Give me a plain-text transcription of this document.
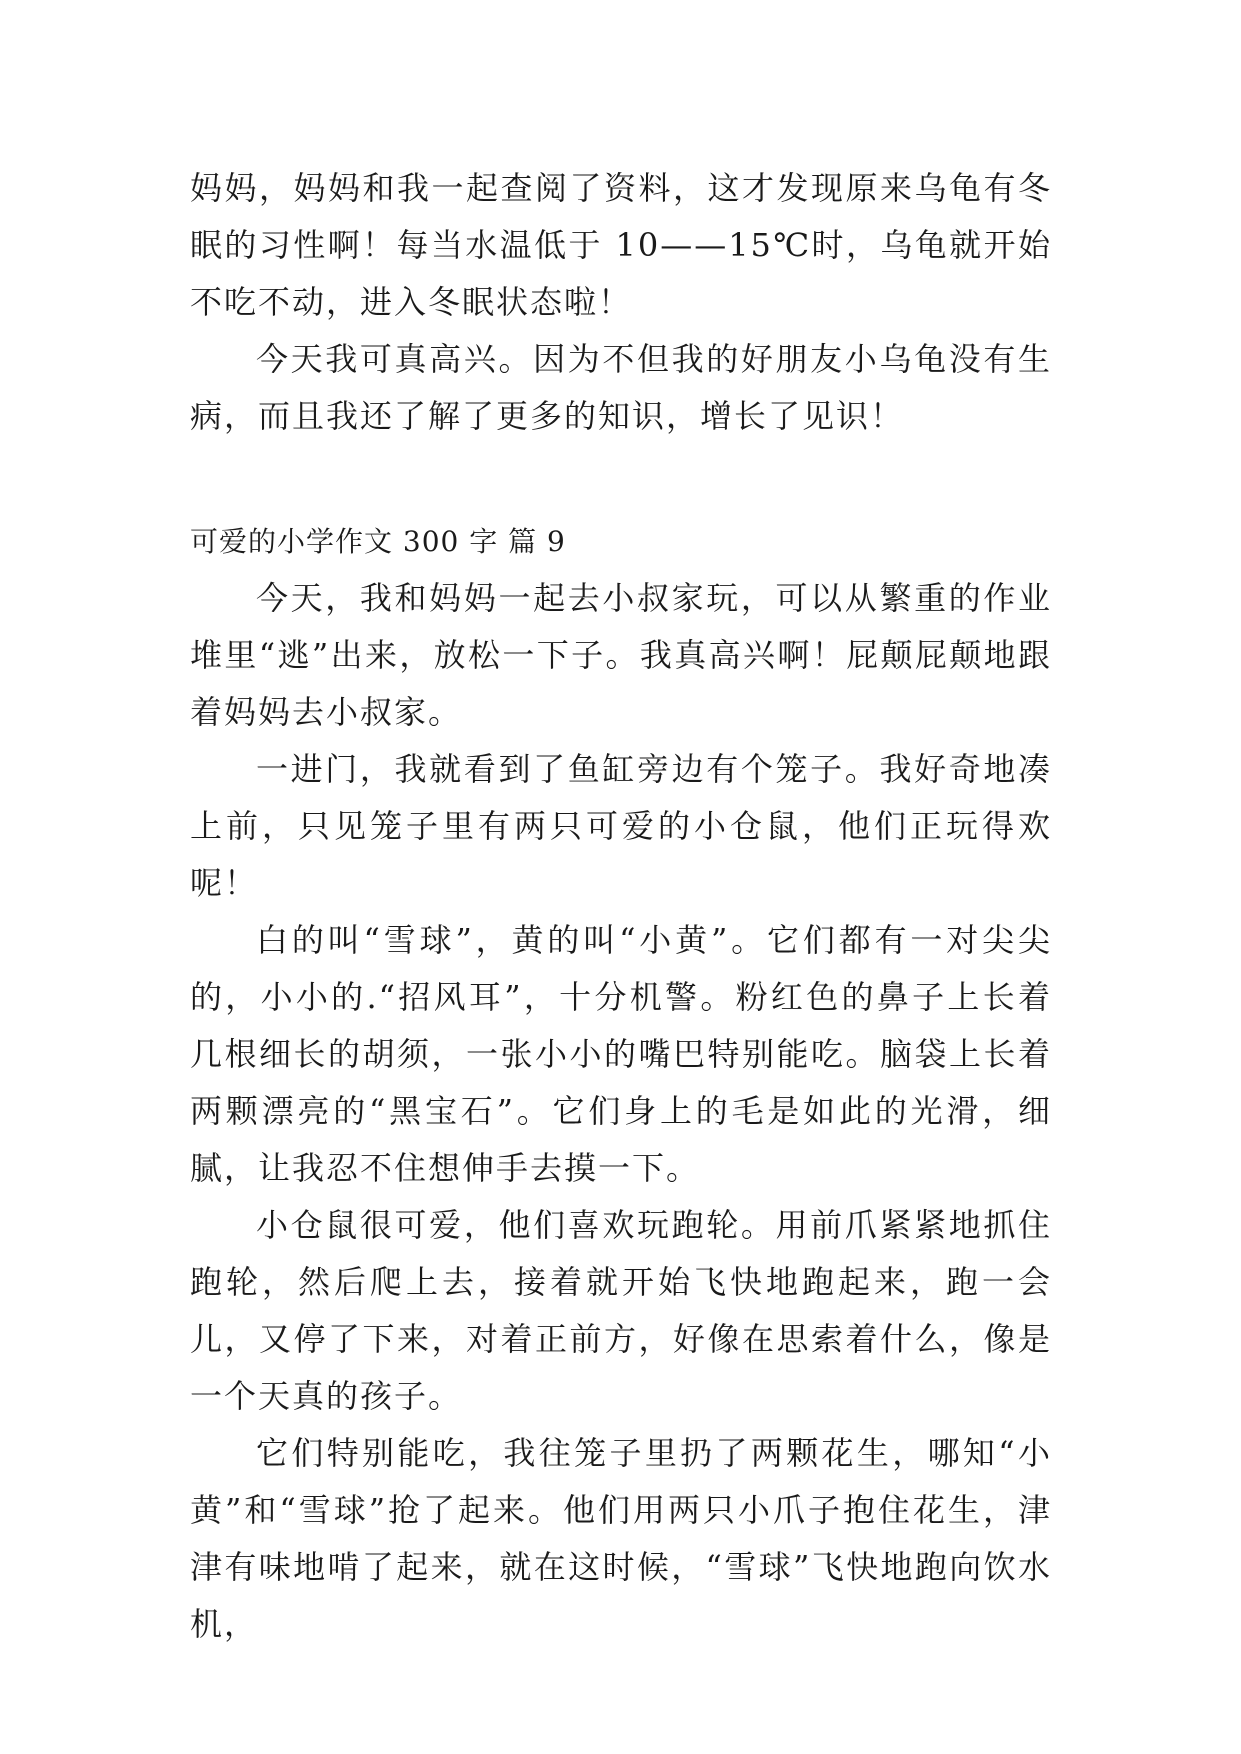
妈妈，妈妈和我一起查阅了资料，这才发现原来乌龟有冬眠的习性啊！每当水温低于 10——15℃时，乌龟就开始不吃不动，进入冬眠状态啦！

今天我可真高兴。因为不但我的好朋友小乌龟没有生病，而且我还了解了更多的知识，增长了见识！

可爱的小学作文 300 字 篇 9

今天，我和妈妈一起去小叔家玩，可以从繁重的作业堆里“逃”出来，放松一下子。我真高兴啊！屁颠屁颠地跟着妈妈去小叔家。

一进门，我就看到了鱼缸旁边有个笼子。我好奇地凑上前，只见笼子里有两只可爱的小仓鼠，他们正玩得欢呢！

白的叫“雪球”，黄的叫“小黄”。它们都有一对尖尖的，小小的.“招风耳”，十分机警。粉红色的鼻子上长着几根细长的胡须，一张小小的嘴巴特别能吃。脑袋上长着两颗漂亮的“黑宝石”。它们身上的毛是如此的光滑，细腻，让我忍不住想伸手去摸一下。

小仓鼠很可爱，他们喜欢玩跑轮。用前爪紧紧地抓住跑轮，然后爬上去，接着就开始飞快地跑起来，跑一会儿，又停了下来，对着正前方，好像在思索着什么，像是一个天真的孩子。

它们特别能吃，我往笼子里扔了两颗花生，哪知“小黄”和“雪球”抢了起来。他们用两只小爪子抱住花生，津津有味地啃了起来，就在这时候，“雪球”飞快地跑向饮水机，
